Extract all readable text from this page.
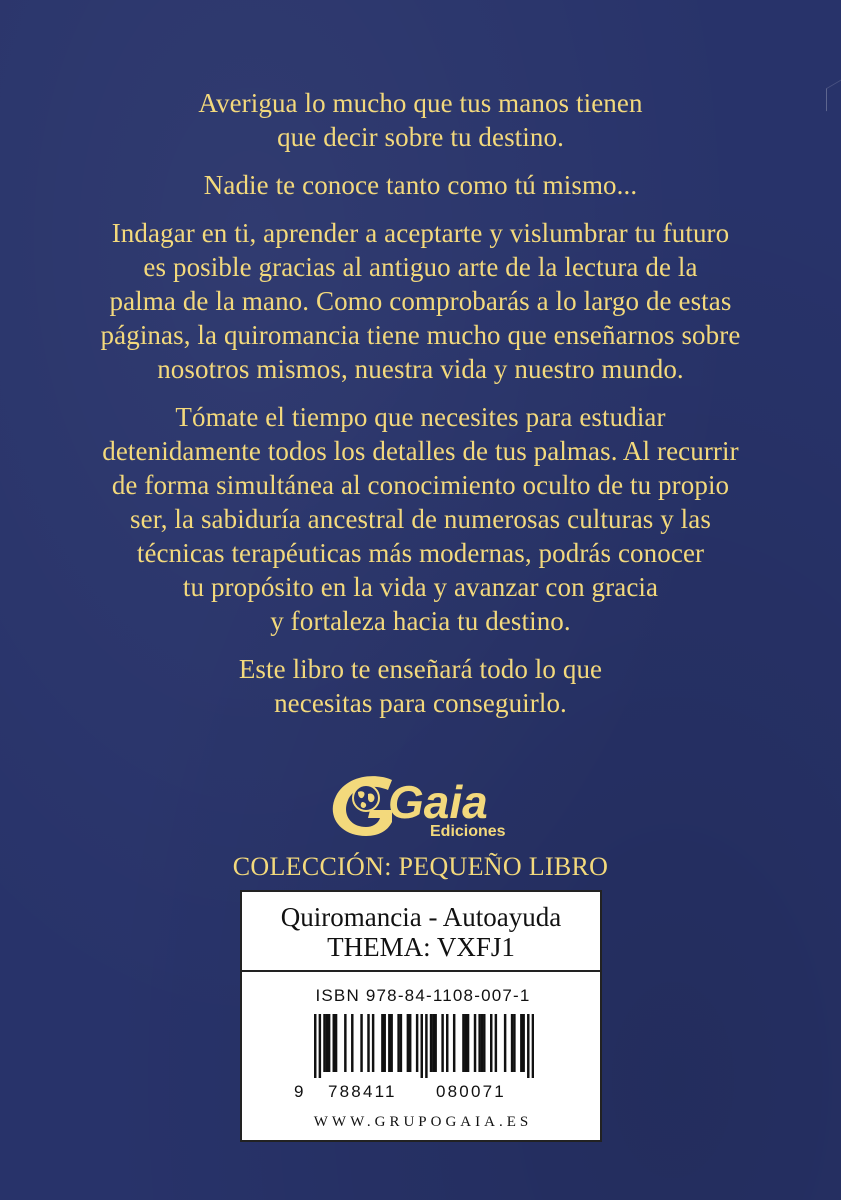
Averigua lo mucho que tus manos tienen
que decir sobre tu destino.

Nadie te conoce tanto como tú mismo...

Indagar en ti, aprender a aceptarte y vislumbrar tu futuro
es posible gracias al antiguo arte de la lectura de la
palma de la mano. Como comprobarás a lo largo de estas
páginas, la quiromancia tiene mucho que enseñarnos sobre
nosotros mismos, nuestra vida y nuestro mundo.

Tómate el tiempo que necesites para estudiar
detenidamente todos los detalles de tus palmas. Al recurrir
de forma simultánea al conocimiento oculto de tu propio
ser, la sabiduría ancestral de numerosas culturas y las
técnicas terapéuticas más modernas, podrás conocer
tu propósito en la vida y avanzar con gracia
y fortaleza hacia tu destino.

Este libro te enseñará todo lo que
necesitas para conseguirlo.

Gaia
Ediciones
COLECCIÓN: PEQUEÑO LIBRO
Quiromancia - Autoayuda
THEMA: VXFJ1
ISBN 978-84-1108-007-1
9 788411 080071
WWW.GRUPOGAIA.ES
